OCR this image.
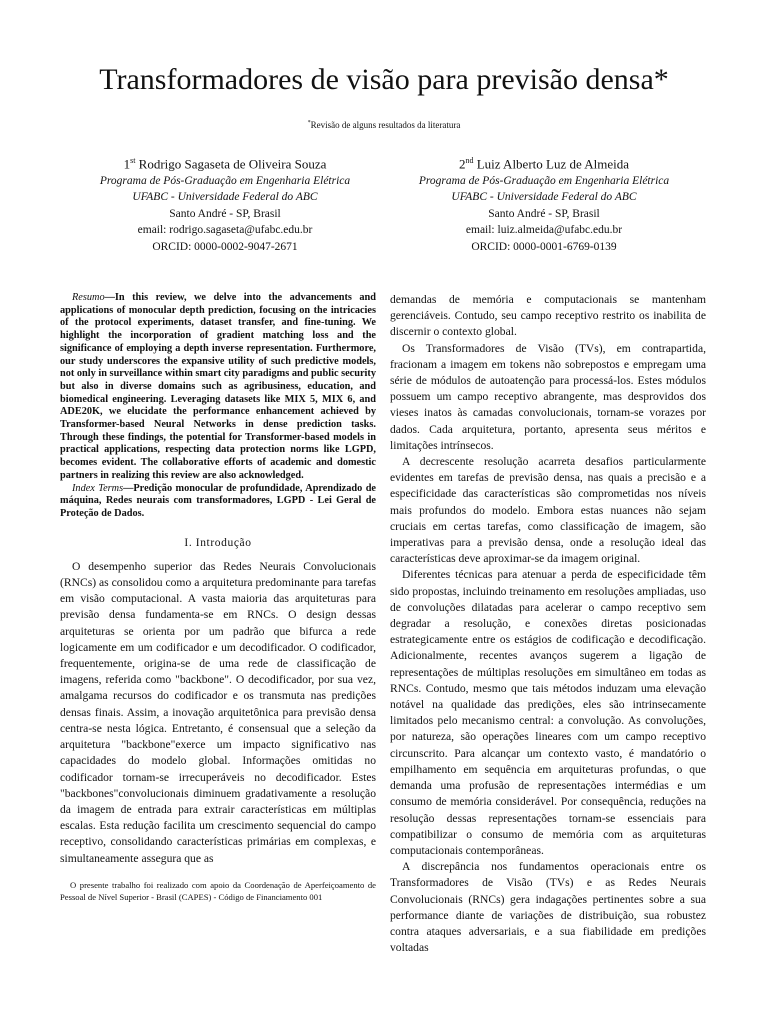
Transformadores de visão para previsão densa*
*Revisão de alguns resultados da literatura
1st Rodrigo Sagaseta de Oliveira Souza
Programa de Pós-Graduação em Engenharia Elétrica
UFABC - Universidade Federal do ABC
Santo André - SP, Brasil
email: rodrigo.sagaseta@ufabc.edu.br
ORCID: 0000-0002-9047-2671
2nd Luiz Alberto Luz de Almeida
Programa de Pós-Graduação em Engenharia Elétrica
UFABC - Universidade Federal do ABC
Santo André - SP, Brasil
email: luiz.almeida@ufabc.edu.br
ORCID: 0000-0001-6769-0139

Resumo—In this review, we delve into the advancements and applications of monocular depth prediction, focusing on the intricacies of the protocol experiments, dataset transfer, and fine-tuning. We highlight the incorporation of gradient matching loss and the significance of employing a depth inverse representation. Furthermore, our study underscores the expansive utility of such predictive models, not only in surveillance within smart city paradigms and public security but also in diverse domains such as agribusiness, education, and biomedical engineering. Leveraging datasets like MIX 5, MIX 6, and ADE20K, we elucidate the performance enhancement achieved by Transformer-based Neural Networks in dense prediction tasks. Through these findings, the potential for Transformer-based models in practical applications, respecting data protection norms like LGPD, becomes evident. The collaborative efforts of academic and domestic partners in realizing this review are also acknowledged.

Index Terms—Predição monocular de profundidade, Aprendizado de máquina, Redes neurais com transformadores, LGPD - Lei Geral de Proteção de Dados.

I. Introdução

O desempenho superior das Redes Neurais Convolucionais (RNCs) as consolidou como a arquitetura predominante para tarefas em visão computacional. A vasta maioria das arquiteturas para previsão densa fundamenta-se em RNCs. O design dessas arquiteturas se orienta por um padrão que bifurca a rede logicamente em um codificador e um decodificador. O codificador, frequentemente, origina-se de uma rede de classificação de imagens, referida como "backbone". O decodificador, por sua vez, amalgama recursos do codificador e os transmuta nas predições densas finais. Assim, a inovação arquitetônica para previsão densa centra-se nesta lógica. Entretanto, é consensual que a seleção da arquitetura "backbone"exerce um impacto significativo nas capacidades do modelo global. Informações omitidas no codificador tornam-se irrecuperáveis no decodificador. Estes "backbones"convolucionais diminuem gradativamente a resolução da imagem de entrada para extrair características em múltiplas escalas. Esta redução facilita um crescimento sequencial do campo receptivo, consolidando características primárias em complexas, e simultaneamente assegura que as

demandas de memória e computacionais se mantenham gerenciáveis. Contudo, seu campo receptivo restrito os inabilita de discernir o contexto global.

Os Transformadores de Visão (TVs), em contrapartida, fracionam a imagem em tokens não sobrepostos e empregam uma série de módulos de autoatenção para processá-los. Estes módulos possuem um campo receptivo abrangente, mas desprovidos dos vieses inatos às camadas convolucionais, tornam-se vorazes por dados. Cada arquitetura, portanto, apresenta seus méritos e limitações intrínsecos.

A decrescente resolução acarreta desafios particularmente evidentes em tarefas de previsão densa, nas quais a precisão e a especificidade das características são comprometidas nos níveis mais profundos do modelo. Embora estas nuances não sejam cruciais em certas tarefas, como classificação de imagem, são imperativas para a previsão densa, onde a resolução ideal das características deve aproximar-se da imagem original.

Diferentes técnicas para atenuar a perda de especificidade têm sido propostas, incluindo treinamento em resoluções ampliadas, uso de convoluções dilatadas para acelerar o campo receptivo sem degradar a resolução, e conexões diretas posicionadas estrategicamente entre os estágios de codificação e decodificação. Adicionalmente, recentes avanços sugerem a ligação de representações de múltiplas resoluções em simultâneo em todas as RNCs. Contudo, mesmo que tais métodos induzam uma elevação notável na qualidade das predições, eles são intrinsecamente limitados pelo mecanismo central: a convolução. As convoluções, por natureza, são operações lineares com um campo receptivo circunscrito. Para alcançar um contexto vasto, é mandatório o empilhamento em sequência em arquiteturas profundas, o que demanda uma profusão de representações intermédias e um consumo de memória considerável. Por consequência, reduções na resolução dessas representações tornam-se essenciais para compatibilizar o consumo de memória com as arquiteturas computacionais contemporâneas.

A discrepância nos fundamentos operacionais entre os Transformadores de Visão (TVs) e as Redes Neurais Convolucionais (RNCs) gera indagações pertinentes sobre a sua performance diante de variações de distribuição, sua robustez contra ataques adversariais, e a sua fiabilidade em predições voltadas

O presente trabalho foi realizado com apoio da Coordenação de Aperfeiçoamento de Pessoal de Nível Superior - Brasil (CAPES) - Código de Financiamento 001
